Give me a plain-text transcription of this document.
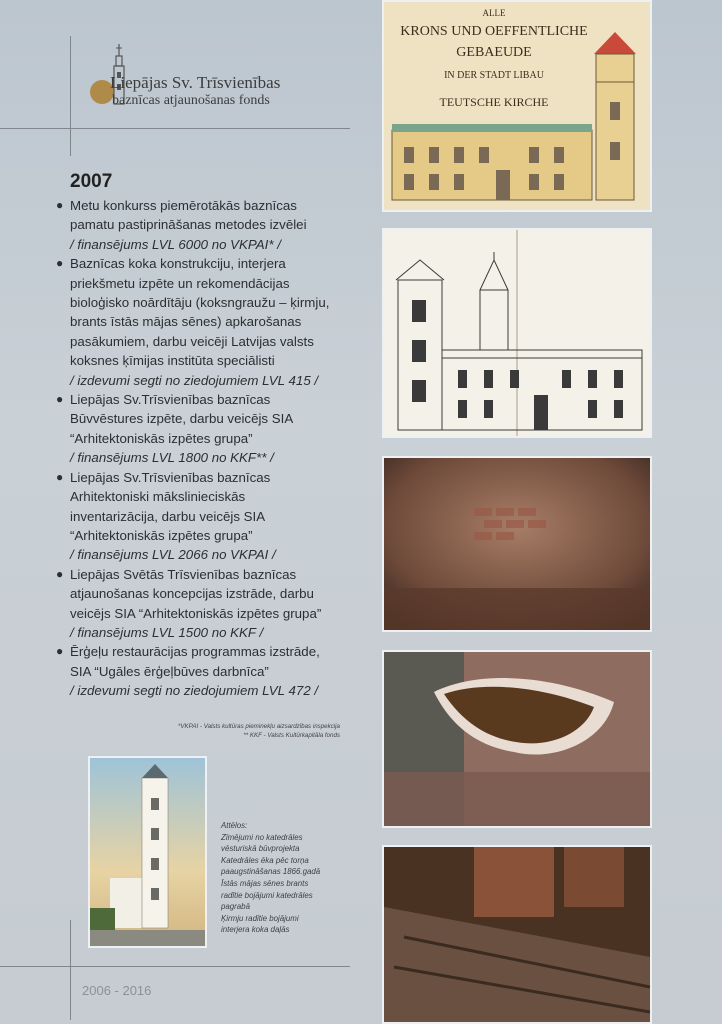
Liepājas Sv. Trīsvienības
baznīcas atjaunošanas fonds
2007
● Metu konkurss piemērotākās baznīcas
pamatu pastiprināšanas metodes izvēlei
/ finansējums LVL 6000 no VKPAI* /
● Baznīcas koka konstrukciju, interjera
priekšmetu izpēte un rekomendācijas
bioloģisko noārdītāju (koksngraužu – ķirmju,
brants īstās mājas sēnes) apkarošanas
pasākumiem, darbu veicēji Latvijas valsts
koksnes ķīmijas institūta speciālisti
/ izdevumi segti no ziedojumiem LVL 415 /
● Liepājas Sv.Trīsvienības baznīcas
Būvvēstures izpēte, darbu veicējs SIA
“Arhitektoniskās izpētes grupa”
/ finansējums LVL 1800 no KKF** /
● Liepājas Sv.Trīsvienības baznīcas
Arhitektoniski mākslinieciskās
inventarizācija, darbu veicējs SIA
“Arhitektoniskās izpētes grupa”
/ finansējums LVL 2066 no VKPAI /
● Liepājas Svētās Trīsvienības baznīcas
atjaunošanas koncepcijas izstrāde, darbu
veicējs SIA “Arhitektoniskās izpētes grupa”
/ finansējums LVL 1500 no KKF /
● Ērģeļu restaurācijas programmas izstrāde,
SIA “Ugāles ērģeļbūves darbnīca”
/ izdevumi segti no ziedojumiem LVL 472 /
*VKPAI - Valsts kultūras pieminekļu aizsardzības inspekcija
** KKF - Valsts Kultūrkapitāla fonds
ALLE
KRONS UND OEFFENTLICHE
GEBAEUDE
IN DER STADT LIBAU
TEUTSCHE KIRCHE
Attēlos:
Zīmējumi no katedrāles
vēsturiskā būvprojekta
Katedrāles ēka pēc torņa
paaugstināšanas 1866.gadā
Īstās mājas sēnes brants
radītie bojājumi katedrāles
pagrabā
Ķirmju radītie bojājumi
interjera koka daļās
2006 - 2016
